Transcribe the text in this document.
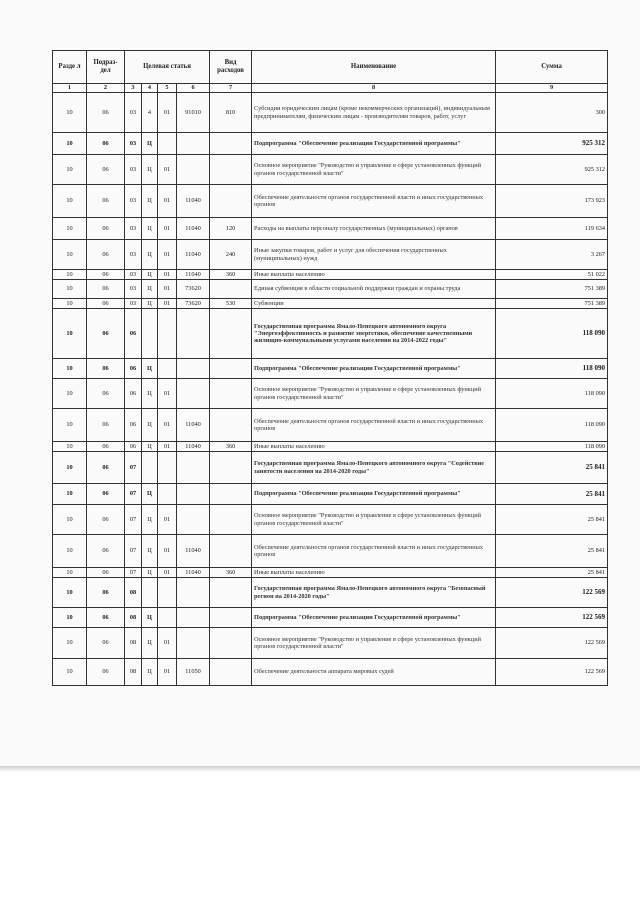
Разде л	Подраз- дел	Целевая статья				Вид расходов	Наименование	Сумма
1	2	3	4	5	6	7	8	9
10	06	03	4	01	91010	810	Субсидии юридическим лицам (кроме некоммерческих организаций), индивидуальным предпринимателям, физическим лицам - производителям товаров, работ, услуг	300
10	06	03	Ц				Подпрограмма "Обеспечение реализации Государственной программы"	925 312
10	06	03	Ц	01			Основное мероприятие "Руководство и управление в сфере установленных функций органов государственной власти"	925 312
10	06	03	Ц	01	11040		Обеспечение деятельности органов государственной власти и иных государственных органов	173 923
10	06	03	Ц	01	11040	120	Расходы на выплаты персоналу государственных (муниципальных) органов	119 634
10	06	03	Ц	01	11040	240	Иные закупки товаров, работ и услуг для обеспечения государственных (муниципальных) нужд	3 267
10	06	03	Ц	01	11040	360	Иные выплаты населению	51 022
10	06	03	Ц	01	73620		Единая субвенция в области социальной поддержки граждан и охраны труда	751 389
10	06	03	Ц	01	73620	530	Субвенции	751 389
10	06	06					Государственная программа Ямало-Ненецкого автономного округа "Энергоэффективность и развитие энергетики, обеспечение качественными жилищно-коммунальными услугами населения на 2014-2022 годы"	118 090
10	06	06	Ц				Подпрограмма "Обеспечение реализации Государственной программы"	118 090
10	06	06	Ц	01			Основное мероприятие "Руководство и управление в сфере установленных функций органов государственной власти"	118 090
10	06	06	Ц	01	11040		Обеспечение деятельности органов государственной власти и иных государственных органов	118 090
10	06	06	Ц	01	11040	360	Иные выплаты населению	118 090
10	06	07					Государственная программа Ямало-Ненецкого автономного округа "Содействие занятости населения на 2014-2020 годы"	25 841
10	06	07	Ц				Подпрограмма "Обеспечение реализации Государственной программы"	25 841
10	06	07	Ц	01			Основное мероприятие "Руководство и управление в сфере установленных функций органов государственной власти"	25 841
10	06	07	Ц	01	11040		Обеспечение деятельности органов государственной власти и иных государственных органов	25 841
10	06	07	Ц	01	11040	360	Иные выплаты населению	25 841
10	06	08					Государственная программа Ямало-Ненецкого автономного округа "Безопасный регион на 2014-2020 годы"	122 569
10	06	08	Ц				Подпрограмма "Обеспечение реализации Государственной программы"	122 569
10	06	08	Ц	01			Основное мероприятие "Руководство и управление в сфере установленных функций органов государственной власти"	122 569
10	06	08	Ц	01	11050		Обеспечение деятельности аппарата мировых судей	122 569
